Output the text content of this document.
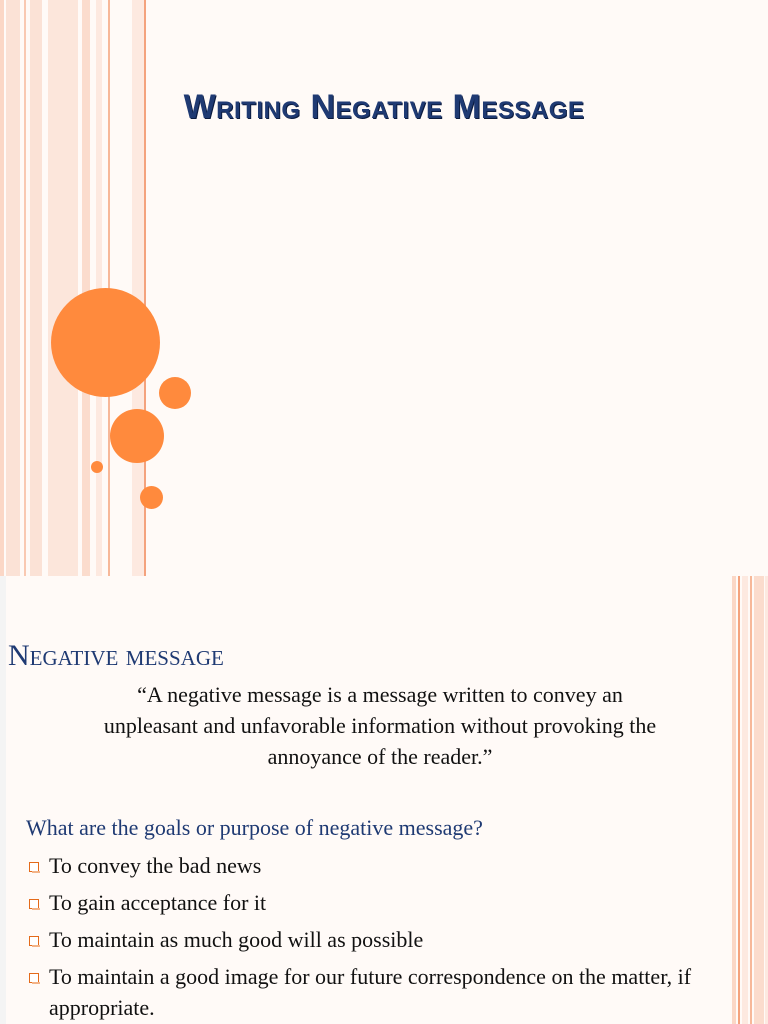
Writing Negative Message
Negative message
“A negative message is a message written to convey an
unpleasant and unfavorable information without provoking the
annoyance of the reader.”
What are the goals or purpose of negative message?
To convey the bad news
To gain acceptance for it
To maintain as much good will as possible
To maintain a good image for our future correspondence on the matter, if appropriate.
